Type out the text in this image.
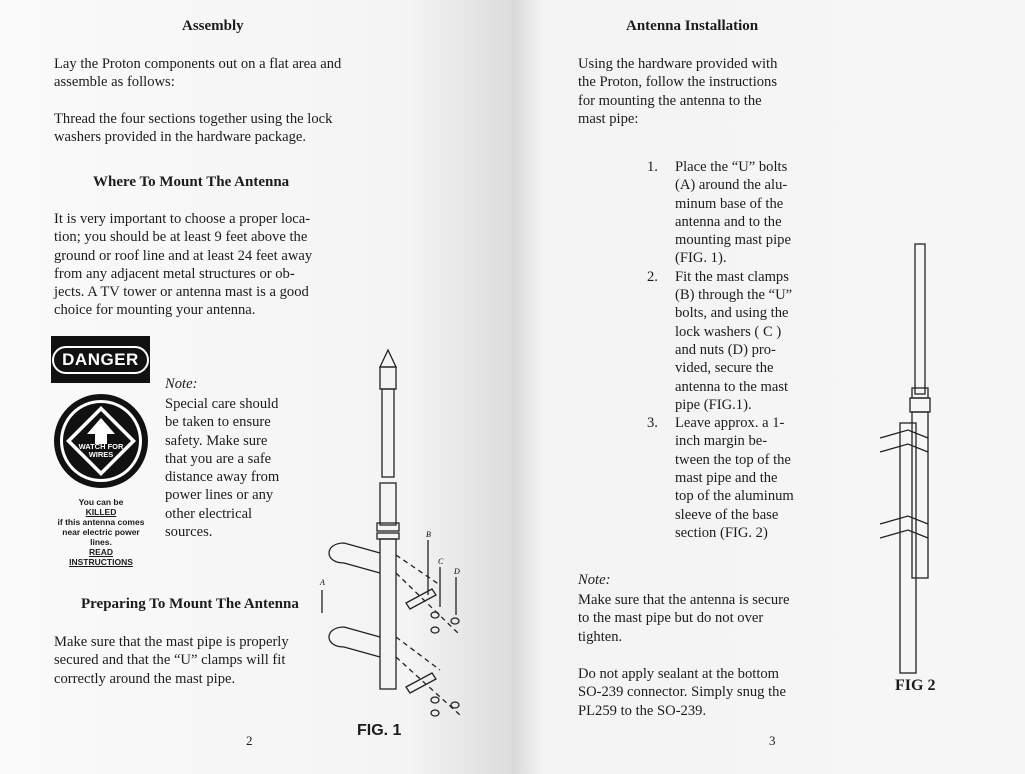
Assembly
Lay the Proton components out on a flat area and assemble as follows:
Thread the four sections together using the lock washers provided in the hardware package.
Where To Mount The Antenna
It is very important to choose a proper loca-
tion; you should be at least 9 feet above the
ground or roof line and at least 24 feet away
from any adjacent metal structures or ob-
jects. A TV tower or antenna mast is a good
choice for mounting your antenna.
DANGER
WATCH FOR
WIRES
You can be
KILLED
if this antenna comes
near electric power
lines.
READ
INSTRUCTIONS
Note:
Special care should
be taken to ensure
safety. Make sure
that you are a safe
distance away from
power lines or any
other electrical
sources.
Preparing To Mount The Antenna
Make sure that the mast pipe is properly
secured and that the “U” clamps will fit
correctly around the mast pipe.
B
C
D
A
FIG. 1
2
Antenna Installation
Using the hardware provided with
the Proton, follow the instructions
for mounting the antenna to the
mast pipe:
1.	Place the “U” bolts
(A) around the alu-
minum base of the
antenna and to the
mounting mast pipe
(FIG. 1).
2.	Fit the mast clamps
(B) through the “U”
bolts, and using the
lock washers ( C )
and nuts (D) pro-
vided, secure the
antenna to the mast
pipe (FIG.1).
3.	Leave approx. a 1-
inch margin be-
tween the top of the
mast pipe and the
top of the aluminum
sleeve of the base
section (FIG. 2)
Note:
Make sure that the antenna is secure
to the mast pipe but do not over
tighten.
Do not apply sealant at the bottom
SO-239 connector. Simply snug the
PL259 to the SO-239.
FIG 2
3
